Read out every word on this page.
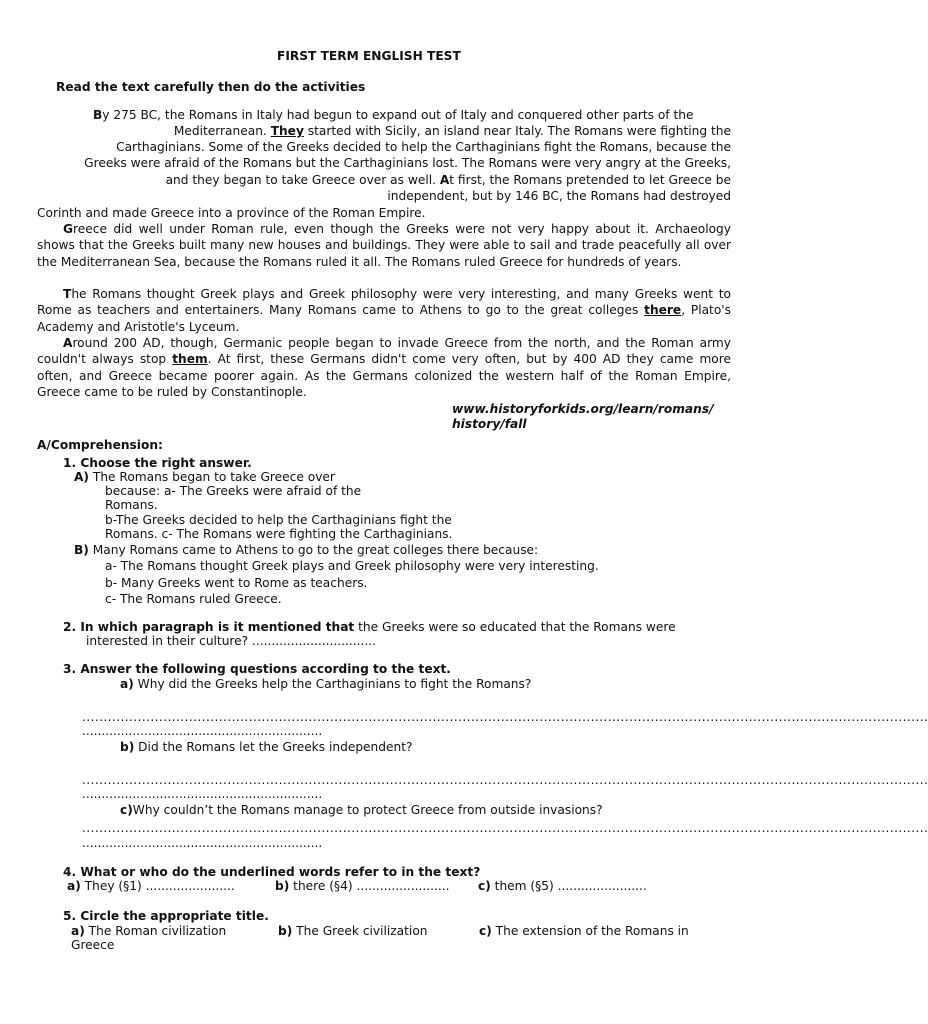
FIRST TERM ENGLISH TEST
Read the text carefully then do the activities
By 275 BC, the Romans in Italy had begun to expand out of Italy and conquered other parts of the
Mediterranean. They started with Sicily, an island near Italy. The Romans were fighting the
Carthaginians. Some of the Greeks decided to help the Carthaginians fight the Romans, because the
Greeks were afraid of the Romans but the Carthaginians lost. The Romans were very angry at the Greeks,
and they began to take Greece over as well. At first, the Romans pretended to let Greece be
independent, but by 146 BC, the Romans had destroyed
Corinth and made Greece into a province of the Roman Empire.

Greece did well under Roman rule, even though the Greeks were not very happy about it. Archaeology shows that the Greeks built many new houses and buildings. They were able to sail and trade peacefully all over the Mediterranean Sea, because the Romans ruled it all. The Romans ruled Greece for hundreds of years.

The Romans thought Greek plays and Greek philosophy were very interesting, and many Greeks went to Rome as teachers and entertainers. Many Romans came to Athens to go to the great colleges there, Plato's Academy and Aristotle's Lyceum.

Around 200 AD, though, Germanic people began to invade Greece from the north, and the Roman army couldn't always stop them. At first, these Germans didn't come very often, but by 400 AD they came more often, and Greece became poorer again. As the Germans colonized the western half of the Roman Empire, Greece came to be ruled by Constantinople.

www.historyforkids.org/learn/romans/
history/fall
A/Comprehension:
1. Choose the right answer.
A) The Romans began to take Greece over
because: a- The Greeks were afraid of the
Romans.
b-The Greeks decided to help the Carthaginians fight the
Romans. c- The Romans were fighting the Carthaginians.
B) Many Romans came to Athens to go to the great colleges there because:
a- The Romans thought Greek plays and Greek philosophy were very interesting.
b- Many Greeks went to Rome as teachers.
c- The Romans ruled Greece.
2. In which paragraph is it mentioned that the Greeks were so educated that the Romans were
interested in their culture? ................................
3. Answer the following questions according to the text.
a) Why did the Greeks help the Carthaginians to fight the Romans?
......................................................................................................................................................................................................
..............................................................
b) Did the Romans let the Greeks independent?
......................................................................................................................................................................................................
..............................................................
c)Why couldn’t the Romans manage to protect Greece from outside invasions?
......................................................................................................................................................................................................
..............................................................
4. What or who do the underlined words refer to in the text?
a) They (§1) .......................	b) there (§4) ........................ c) them (§5) .......................
5. Circle the appropriate title.
a) The Roman civilization	b) The Greek civilization	c) The extension of the Romans in
Greece
